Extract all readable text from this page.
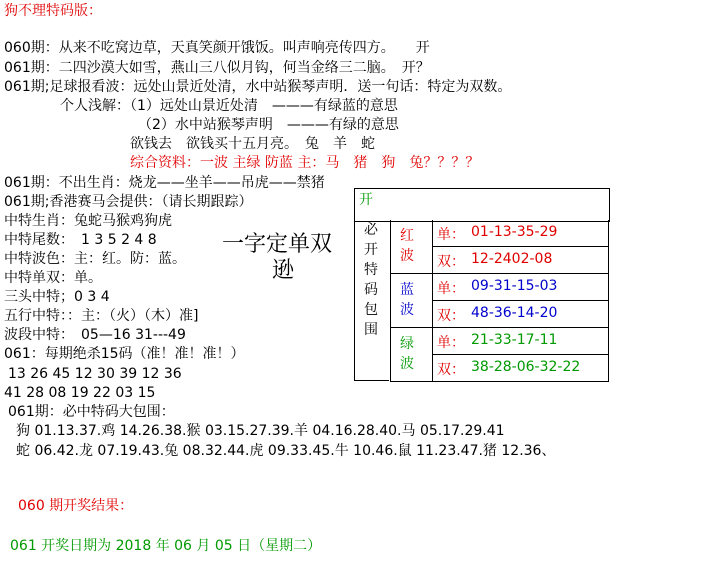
狗不理特码版：
060期：从来不吃窝边草，天真笑颜开饿饭。叫声响亮传四方。　　开
061期：二四沙漠大如雪，燕山三八似月钩，何当金络三二脑。　开？
061期;足球报看波：远处山景近处清，水中站猴琴声明．送一句话：特定为双数。
个人浅解：（1）远处山景近处清　———有绿蓝的意思
（2）水中站猴琴声明　———有绿的意思
欲钱去　欲钱买十五月亮。　兔　羊　蛇
综合资料：一波 主绿 防蓝 主：马　猪　狗　兔？？？？
061期：不出生肖：烧龙——坐羊——吊虎——禁猪
061期;香港赛马会提供：（请长期跟踪）
中特生肖：兔蛇马猴鸡狗虎
中特尾数：　1 3 5 2 4 8
中特波色：主：红。防：蓝。
中特单双：单。
三头中特；0 3 4
五行中特：：主：（火）（木）准]
波段中特：　05—16 31---49
061：每期绝杀15码（准！准！准！）
13 26 45 12 30 39 12 36
41 28 08 19 22 03 15
061期：必中特码大包围：
狗 01.13.37.鸡 14.26.38.猴 03.15.27.39.羊 04.16.28.40.马 05.17.29.41
蛇 06.42.龙 07.19.43.兔 08.32.44.虎 09.33.45.牛 10.46.鼠 11.23.47.猪 12.36、
060 期开奖结果：
061 开奖日期为 2018 年 06 月 05 日（星期二）
一字定单双
逊
开
必开特码包围
红波
单： 01-13-35-29
双： 12-2402-08
蓝波
单： 09-31-15-03
双： 48-36-14-20
绿波
单： 21-33-17-11
双： 38-28-06-32-22
